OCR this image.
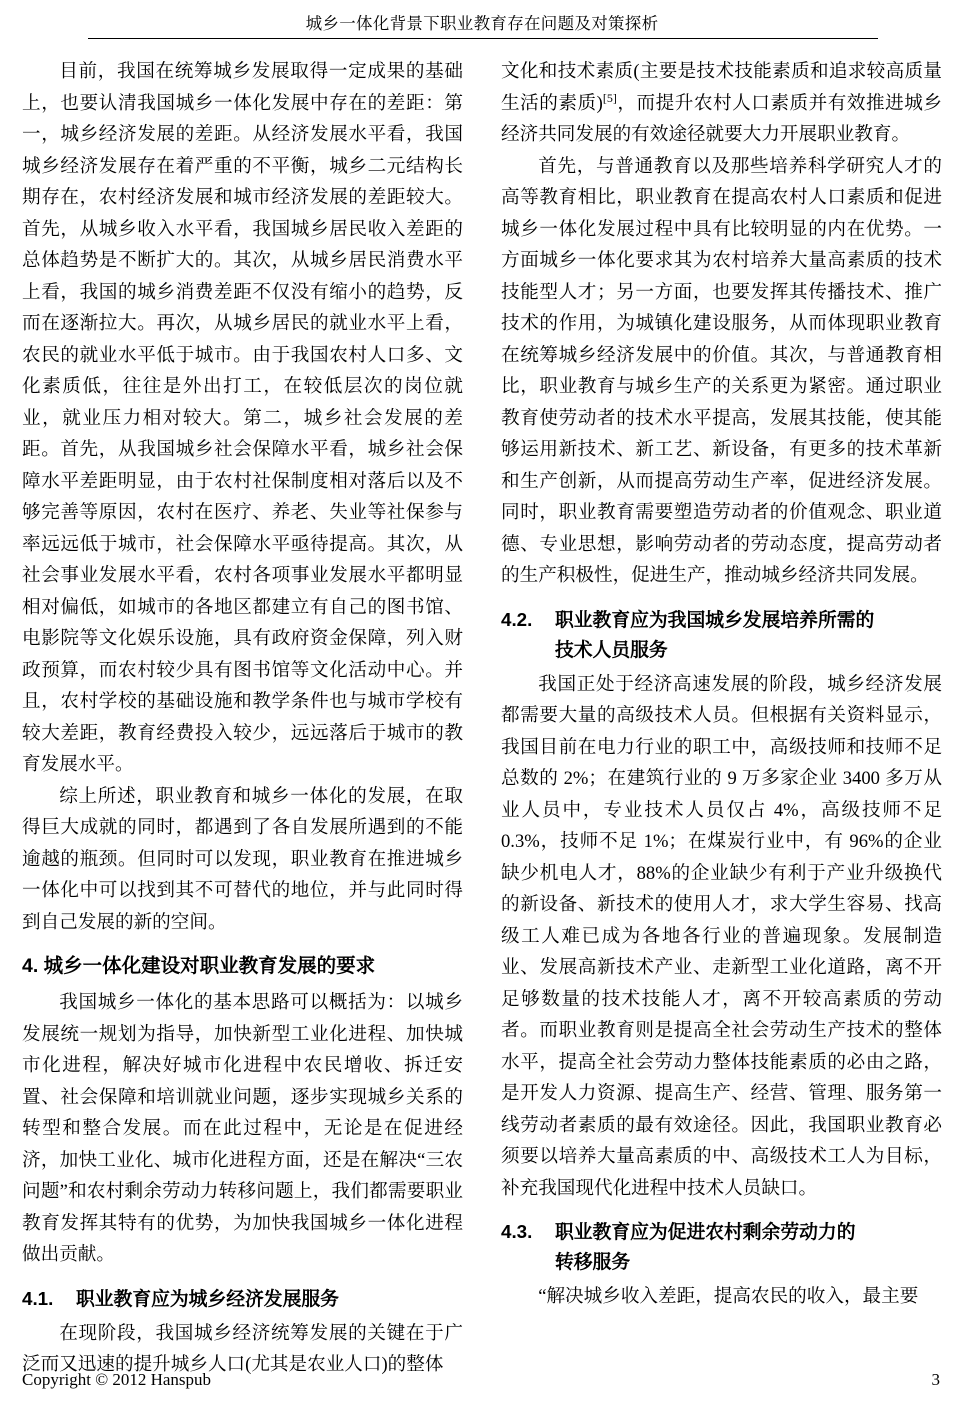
城乡一体化背景下职业教育存在问题及对策探析

目前，我国在统筹城乡发展取得一定成果的基础上，也要认清我国城乡一体化发展中存在的差距：第一，城乡经济发展的差距。从经济发展水平看，我国城乡经济发展存在着严重的不平衡，城乡二元结构长期存在，农村经济发展和城市经济发展的差距较大。首先，从城乡收入水平看，我国城乡居民收入差距的总体趋势是不断扩大的。其次，从城乡居民消费水平上看，我国的城乡消费差距不仅没有缩小的趋势，反而在逐渐拉大。再次，从城乡居民的就业水平上看，农民的就业水平低于城市。由于我国农村人口多、文化素质低，往往是外出打工，在较低层次的岗位就业，就业压力相对较大。第二，城乡社会发展的差距。首先，从我国城乡社会保障水平看，城乡社会保障水平差距明显，由于农村社保制度相对落后以及不够完善等原因，农村在医疗、养老、失业等社保参与率远远低于城市，社会保障水平亟待提高。其次，从社会事业发展水平看，农村各项事业发展水平都明显相对偏低，如城市的各地区都建立有自己的图书馆、电影院等文化娱乐设施，具有政府资金保障，列入财政预算，而农村较少具有图书馆等文化活动中心。并且，农村学校的基础设施和教学条件也与城市学校有较大差距，教育经费投入较少，远远落后于城市的教育发展水平。

综上所述，职业教育和城乡一体化的发展，在取得巨大成就的同时，都遇到了各自发展所遇到的不能逾越的瓶颈。但同时可以发现，职业教育在推进城乡一体化中可以找到其不可替代的地位，并与此同时得到自己发展的新的空间。

4. 城乡一体化建设对职业教育发展的要求

我国城乡一体化的基本思路可以概括为：以城乡发展统一规划为指导，加快新型工业化进程、加快城市化进程，解决好城市化进程中农民增收、拆迁安置、社会保障和培训就业问题，逐步实现城乡关系的转型和整合发展。而在此过程中，无论是在促进经济，加快工业化、城市化进程方面，还是在解决“三农问题”和农村剩余劳动力转移问题上，我们都需要职业教育发挥其特有的优势，为加快我国城乡一体化进程做出贡献。

4.1. 职业教育应为城乡经济发展服务

在现阶段，我国城乡经济统筹发展的关键在于广泛而又迅速的提升城乡人口(尤其是农业人口)的整体

文化和技术素质(主要是技术技能素质和追求较高质量生活的素质)[5]，而提升农村人口素质并有效推进城乡经济共同发展的有效途径就要大力开展职业教育。

首先，与普通教育以及那些培养科学研究人才的高等教育相比，职业教育在提高农村人口素质和促进城乡一体化发展过程中具有比较明显的内在优势。一方面城乡一体化要求其为农村培养大量高素质的技术技能型人才；另一方面，也要发挥其传播技术、推广技术的作用，为城镇化建设服务，从而体现职业教育在统筹城乡经济发展中的价值。其次，与普通教育相比，职业教育与城乡生产的关系更为紧密。通过职业教育使劳动者的技术水平提高，发展其技能，使其能够运用新技术、新工艺、新设备，有更多的技术革新和生产创新，从而提高劳动生产率，促进经济发展。同时，职业教育需要塑造劳动者的价值观念、职业道德、专业思想，影响劳动者的劳动态度，提高劳动者的生产积极性，促进生产，推动城乡经济共同发展。

4.2. 职业教育应为我国城乡发展培养所需的
技术人员服务

我国正处于经济高速发展的阶段，城乡经济发展都需要大量的高级技术人员。但根据有关资料显示，我国目前在电力行业的职工中，高级技师和技师不足总数的 2%；在建筑行业的 9 万多家企业 3400 多万从业人员中，专业技术人员仅占 4%，高级技师不足0.3%，技师不足 1%；在煤炭行业中，有 96%的企业缺少机电人才，88%的企业缺少有利于产业升级换代的新设备、新技术的使用人才，求大学生容易、找高级工人难已成为各地各行业的普遍现象。发展制造业、发展高新技术产业、走新型工业化道路，离不开足够数量的技术技能人才，离不开较高素质的劳动者。而职业教育则是提高全社会劳动生产技术的整体水平，提高全社会劳动力整体技能素质的必由之路，是开发人力资源、提高生产、经营、管理、服务第一线劳动者素质的最有效途径。因此，我国职业教育必须要以培养大量高素质的中、高级技术工人为目标，补充我国现代化进程中技术人员缺口。

4.3. 职业教育应为促进农村剩余劳动力的
转移服务

“解决城乡收入差距，提高农民的收入，最主要

Copyright © 2012 Hanspub	3
